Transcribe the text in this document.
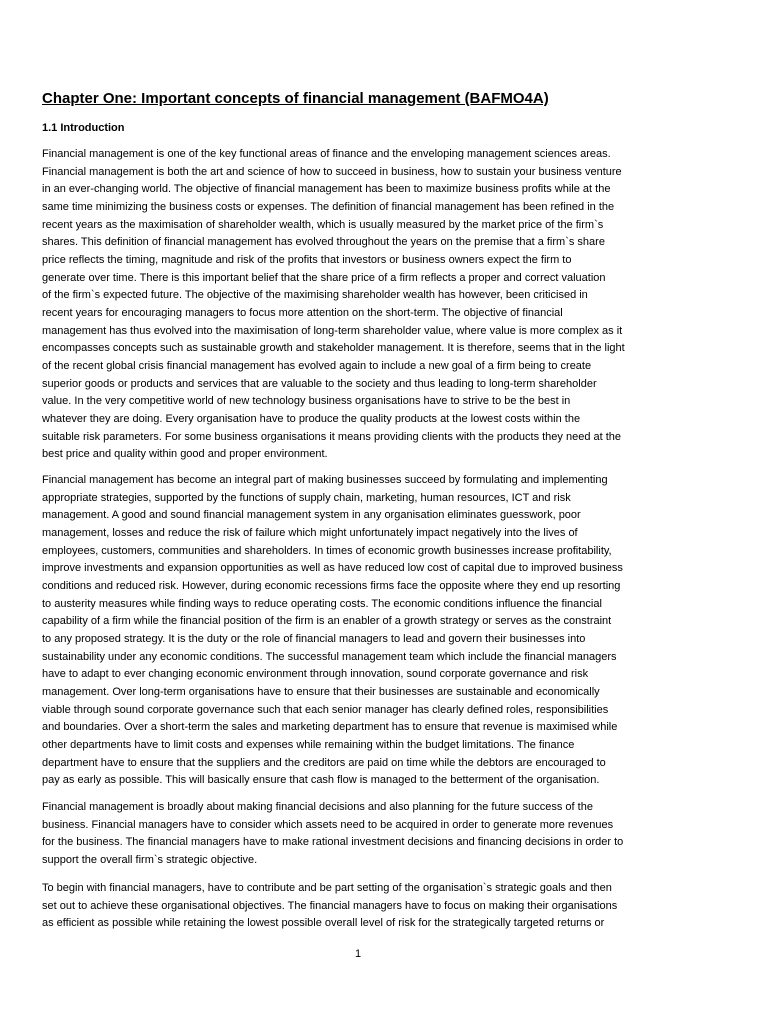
Chapter One: Important concepts of financial management (BAFMO4A)
1.1 Introduction
Financial management is one of the key functional areas of finance and the enveloping management sciences areas.
Financial management is both the art and science of how to succeed in business, how to sustain your business venture
in an ever-changing world. The objective of financial management has been to maximize business profits while at the
same time minimizing the business costs or expenses. The definition of financial management has been refined in the
recent years as the maximisation of shareholder wealth, which is usually measured by the market price of the firm`s
shares. This definition of financial management has evolved throughout the years on the premise that a firm`s share
price reflects the timing, magnitude and risk of the profits that investors or business owners expect the firm to
generate over time. There is this important belief that the share price of a firm reflects a proper and correct valuation
of the firm`s expected future. The objective of the maximising shareholder wealth has however, been criticised in
recent years for encouraging managers to focus more attention on the short-term. The objective of financial
management has thus evolved into the maximisation of long-term shareholder value, where value is more complex as it
encompasses concepts such as sustainable growth and stakeholder management. It is therefore, seems that in the light
of the recent global crisis financial management has evolved again to include a new goal of a firm being to create
superior goods or products and services that are valuable to the society and thus leading to long-term shareholder
value. In the very competitive world of new technology business organisations have to strive to be the best in
whatever they are doing. Every organisation have to produce the quality products at the lowest costs within the
suitable risk parameters. For some business organisations it means providing clients with the products they need at the
best price and quality within good and proper environment.
Financial management has become an integral part of making businesses succeed by formulating and implementing
appropriate strategies, supported by the functions of supply chain, marketing, human resources, ICT and risk
management. A good and sound financial management system in any organisation eliminates guesswork, poor
management, losses and reduce the risk of failure which might unfortunately impact negatively into the lives of
employees, customers, communities and shareholders. In times of economic growth businesses increase profitability,
improve investments and expansion opportunities as well as have reduced low cost of capital due to improved business
conditions and reduced risk. However, during economic recessions firms face the opposite where they end up resorting
to austerity measures while finding ways to reduce operating costs. The economic conditions influence the financial
capability of a firm while the financial position of the firm is an enabler of a growth strategy or serves as the constraint
to any proposed strategy. It is the duty or the role of financial managers to lead and govern their businesses into
sustainability under any economic conditions. The successful management team which include the financial managers
have to adapt to ever changing economic environment through innovation, sound corporate governance and risk
management. Over long-term organisations have to ensure that their businesses are sustainable and economically
viable through sound corporate governance such that each senior manager has clearly defined roles, responsibilities
and boundaries. Over a short-term the sales and marketing department has to ensure that revenue is maximised while
other departments have to limit costs and expenses while remaining within the budget limitations. The finance
department have to ensure that the suppliers and the creditors are paid on time while the debtors are encouraged to
pay as early as possible. This will basically ensure that cash flow is managed to the betterment of the organisation.
Financial management is broadly about making financial decisions and also planning for the future success of the
business. Financial managers have to consider which assets need to be acquired in order to generate more revenues
for the business. The financial managers have to make rational investment decisions and financing decisions in order to
support the overall firm`s strategic objective.
To begin with financial managers, have to contribute and be part setting of the organisation`s strategic goals and then
set out to achieve these organisational objectives. The financial managers have to focus on making their organisations
as efficient as possible while retaining the lowest possible overall level of risk for the strategically targeted returns or
1
